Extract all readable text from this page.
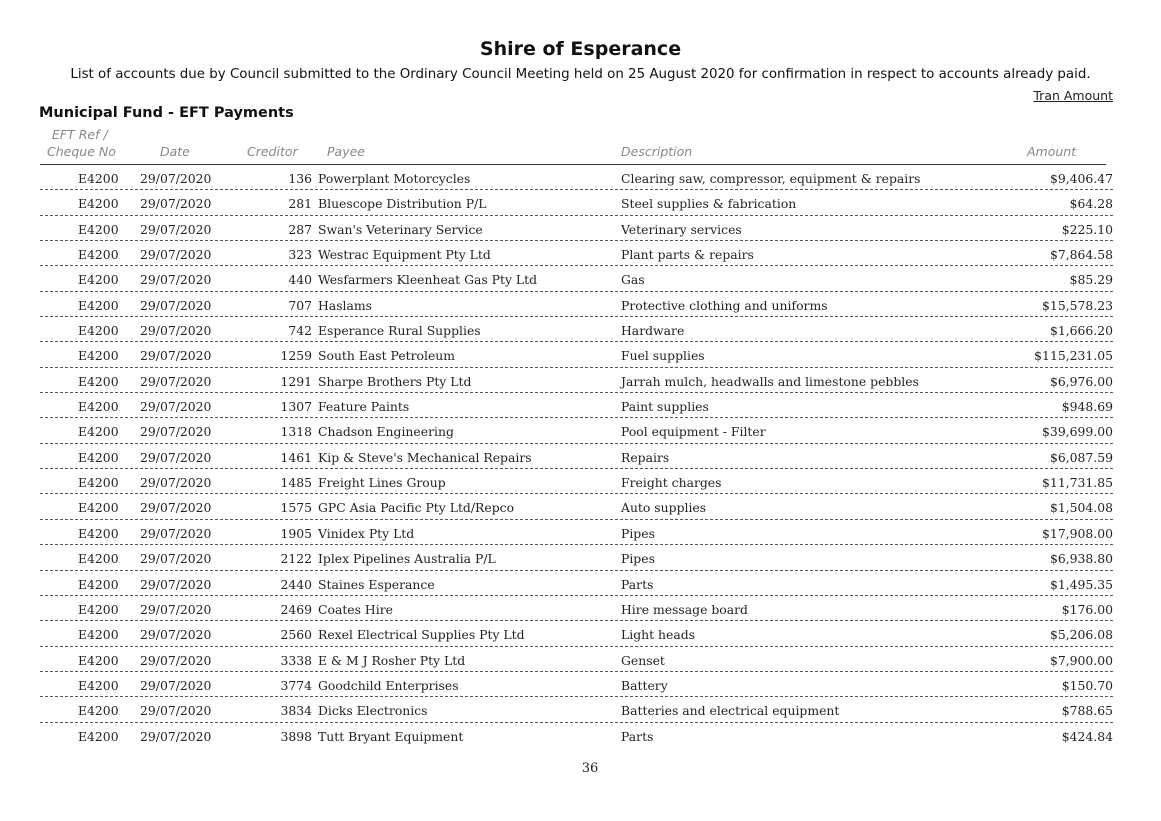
Shire of Esperance
List of accounts due by Council submitted to the Ordinary Council Meeting held on 25 August 2020 for confirmation in respect to accounts already paid.
Tran Amount
Municipal Fund - EFT Payments
EFT Ref /
Cheque No	Date	Creditor Payee	Description	Amount
E4200 29/07/2020	136 Powerplant Motorcycles	Clearing saw, compressor, equipment & repairs	$9,406.47
E4200 29/07/2020	281 Bluescope Distribution P/L	Steel supplies & fabrication	$64.28
E4200 29/07/2020	287 Swan's Veterinary Service	Veterinary services	$225.10
E4200 29/07/2020	323 Westrac Equipment Pty Ltd	Plant parts & repairs	$7,864.58
E4200 29/07/2020	440 Wesfarmers Kleenheat Gas Pty Ltd	Gas	$85.29
E4200 29/07/2020	707 Haslams	Protective clothing and uniforms	$15,578.23
E4200 29/07/2020	742 Esperance Rural Supplies	Hardware	$1,666.20
E4200 29/07/2020	1259 South East Petroleum	Fuel supplies	$115,231.05
E4200 29/07/2020	1291 Sharpe Brothers Pty Ltd	Jarrah mulch, headwalls and limestone pebbles	$6,976.00
E4200 29/07/2020	1307 Feature Paints	Paint supplies	$948.69
E4200 29/07/2020	1318 Chadson Engineering	Pool equipment - Filter	$39,699.00
E4200 29/07/2020	1461 Kip & Steve's Mechanical Repairs	Repairs	$6,087.59
E4200 29/07/2020	1485 Freight Lines Group	Freight charges	$11,731.85
E4200 29/07/2020	1575 GPC Asia Pacific Pty Ltd/Repco	Auto supplies	$1,504.08
E4200 29/07/2020	1905 Vinidex Pty Ltd	Pipes	$17,908.00
E4200 29/07/2020	2122 Iplex Pipelines Australia P/L	Pipes	$6,938.80
E4200 29/07/2020	2440 Staines Esperance	Parts	$1,495.35
E4200 29/07/2020	2469 Coates Hire	Hire message board	$176.00
E4200 29/07/2020	2560 Rexel Electrical Supplies Pty Ltd	Light heads	$5,206.08
E4200 29/07/2020	3338 E & M J Rosher Pty Ltd	Genset	$7,900.00
E4200 29/07/2020	3774 Goodchild Enterprises	Battery	$150.70
E4200 29/07/2020	3834 Dicks Electronics	Batteries and electrical equipment	$788.65
E4200 29/07/2020	3898 Tutt Bryant Equipment	Parts	$424.84
36
